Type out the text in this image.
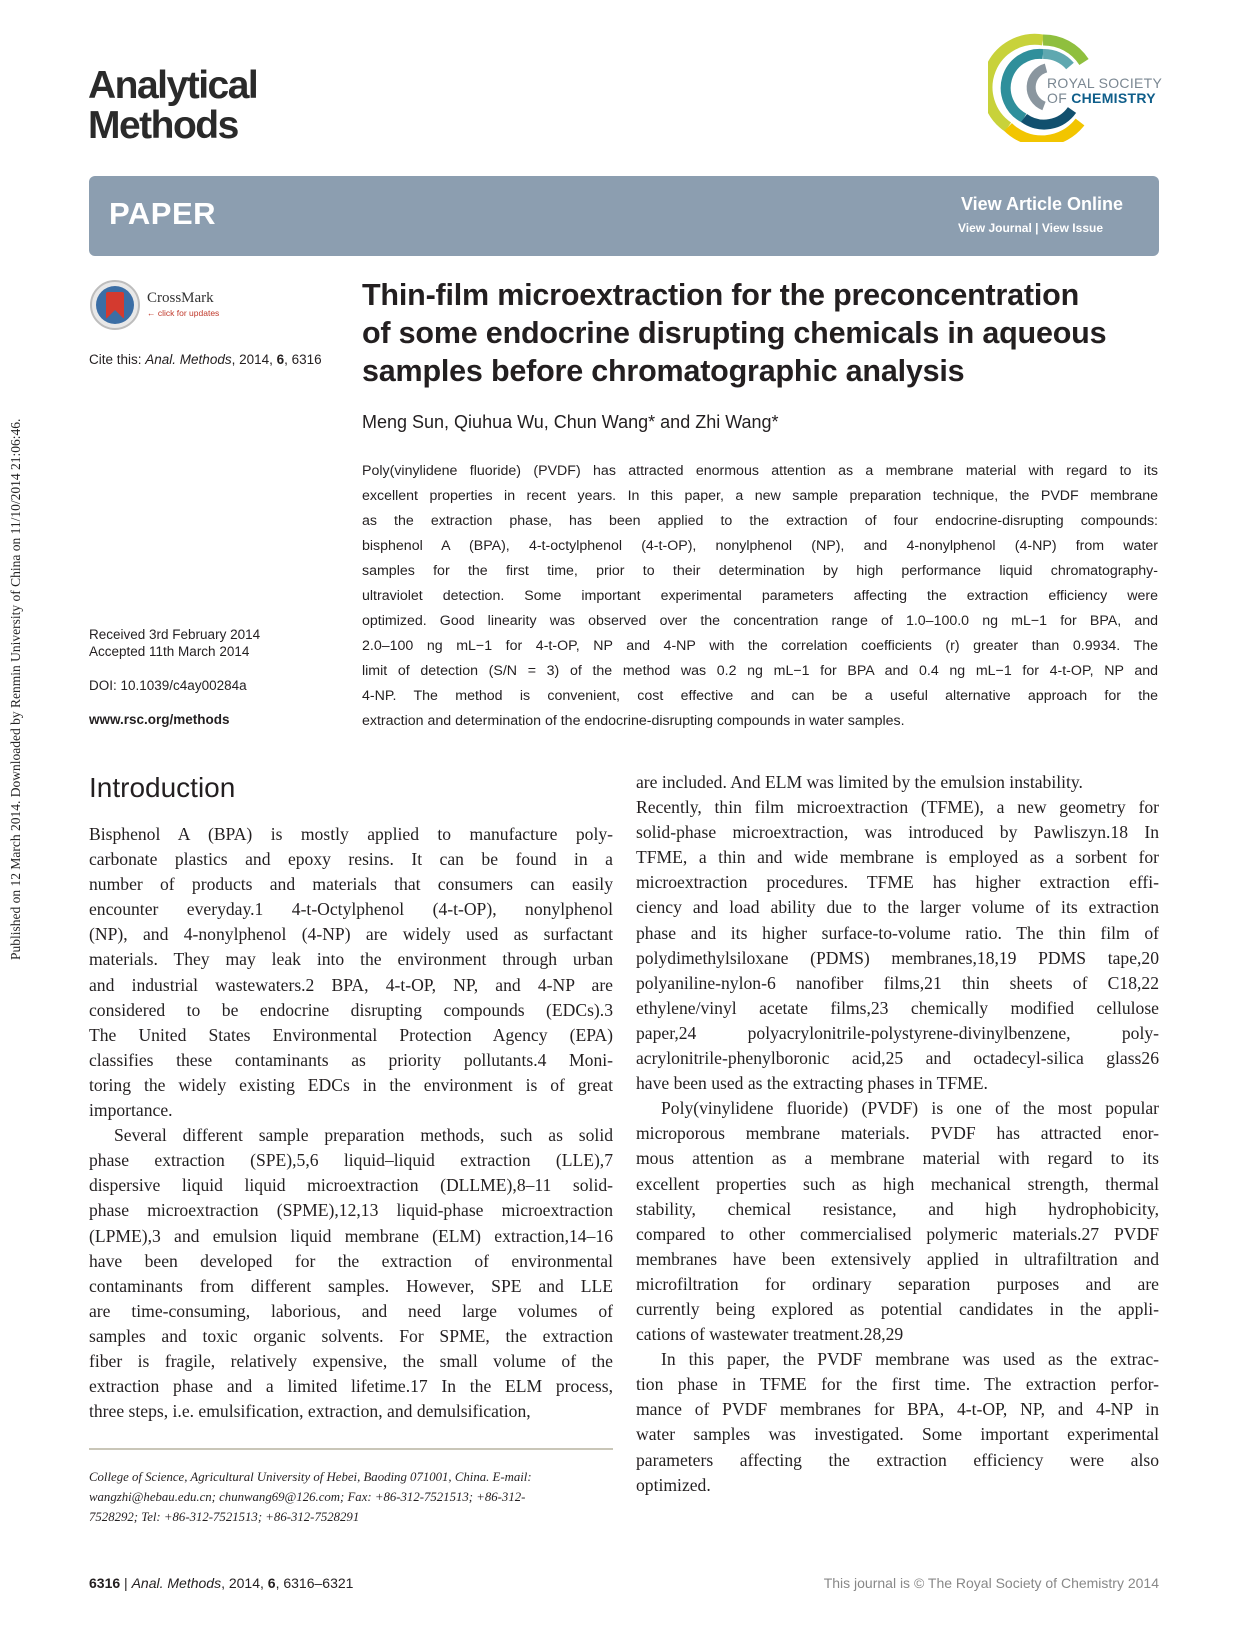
Published on 12 March 2014. Downloaded by Renmin University of China on 11/10/2014 21:06:46.
Analytical
Methods
ROYAL SOCIETY
OF CHEMISTRY
PAPER	View Article Online
View Journal | View Issue
CrossMark
← click for updates
Cite this: Anal. Methods, 2014, 6, 6316
Received 3rd February 2014
Accepted 11th March 2014
DOI: 10.1039/c4ay00284a
www.rsc.org/methods
Thin-film microextraction for the preconcentration
of some endocrine disrupting chemicals in aqueous
samples before chromatographic analysis
Meng Sun, Qiuhua Wu, Chun Wang* and Zhi Wang*
Poly(vinylidene fluoride) (PVDF) has attracted enormous attention as a membrane material with regard to its
excellent properties in recent years. In this paper, a new sample preparation technique, the PVDF membrane
as the extraction phase, has been applied to the extraction of four endocrine-disrupting compounds:
bisphenol A (BPA), 4-t-octylphenol (4-t-OP), nonylphenol (NP), and 4-nonylphenol (4-NP) from water
samples for the first time, prior to their determination by high performance liquid chromatography-
ultraviolet detection. Some important experimental parameters affecting the extraction efficiency were
optimized. Good linearity was observed over the concentration range of 1.0–100.0 ng mL−1 for BPA, and
2.0–100 ng mL−1 for 4-t-OP, NP and 4-NP with the correlation coefficients (r) greater than 0.9934. The
limit of detection (S/N = 3) of the method was 0.2 ng mL−1 for BPA and 0.4 ng mL−1 for 4-t-OP, NP and
4-NP. The method is convenient, cost effective and can be a useful alternative approach for the
extraction and determination of the endocrine-disrupting compounds in water samples.
Introduction
Bisphenol A (BPA) is mostly applied to manufacture poly-
carbonate plastics and epoxy resins. It can be found in a
number of products and materials that consumers can easily
encounter everyday.1 4-t-Octylphenol (4-t-OP), nonylphenol
(NP), and 4-nonylphenol (4-NP) are widely used as surfactant
materials. They may leak into the environment through urban
and industrial wastewaters.2 BPA, 4-t-OP, NP, and 4-NP are
considered to be endocrine disrupting compounds (EDCs).3
The United States Environmental Protection Agency (EPA)
classifies these contaminants as priority pollutants.4 Moni-
toring the widely existing EDCs in the environment is of great
importance.
Several different sample preparation methods, such as solid
phase extraction (SPE),5,6 liquid–liquid extraction (LLE),7
dispersive liquid liquid microextraction (DLLME),8–11 solid-
phase microextraction (SPME),12,13 liquid-phase microextraction
(LPME),3 and emulsion liquid membrane (ELM) extraction,14–16
have been developed for the extraction of environmental
contaminants from different samples. However, SPE and LLE
are time-consuming, laborious, and need large volumes of
samples and toxic organic solvents. For SPME, the extraction
fiber is fragile, relatively expensive, the small volume of the
extraction phase and a limited lifetime.17 In the ELM process,
three steps, i.e. emulsification, extraction, and demulsification,
are included. And ELM was limited by the emulsion instability.
Recently, thin film microextraction (TFME), a new geometry for
solid-phase microextraction, was introduced by Pawliszyn.18 In
TFME, a thin and wide membrane is employed as a sorbent for
microextraction procedures. TFME has higher extraction effi-
ciency and load ability due to the larger volume of its extraction
phase and its higher surface-to-volume ratio. The thin film of
polydimethylsiloxane (PDMS) membranes,18,19 PDMS tape,20
polyaniline-nylon-6 nanofiber films,21 thin sheets of C18,22
ethylene/vinyl acetate films,23 chemically modified cellulose
paper,24 polyacrylonitrile-polystyrene-divinylbenzene, poly-
acrylonitrile-phenylboronic acid,25 and octadecyl-silica glass26
have been used as the extracting phases in TFME.
Poly(vinylidene fluoride) (PVDF) is one of the most popular
microporous membrane materials. PVDF has attracted enor-
mous attention as a membrane material with regard to its
excellent properties such as high mechanical strength, thermal
stability, chemical resistance, and high hydrophobicity,
compared to other commercialised polymeric materials.27 PVDF
membranes have been extensively applied in ultrafiltration and
microfiltration for ordinary separation purposes and are
currently being explored as potential candidates in the appli-
cations of wastewater treatment.28,29
In this paper, the PVDF membrane was used as the extrac-
tion phase in TFME for the first time. The extraction perfor-
mance of PVDF membranes for BPA, 4-t-OP, NP, and 4-NP in
water samples was investigated. Some important experimental
parameters affecting the extraction efficiency were also
optimized.
College of Science, Agricultural University of Hebei, Baoding 071001, China. E-mail:
wangzhi@hebau.edu.cn; chunwang69@126.com; Fax: +86-312-7521513; +86-312-
7528292; Tel: +86-312-7521513; +86-312-7528291
6316 | Anal. Methods, 2014, 6, 6316–6321	This journal is © The Royal Society of Chemistry 2014
